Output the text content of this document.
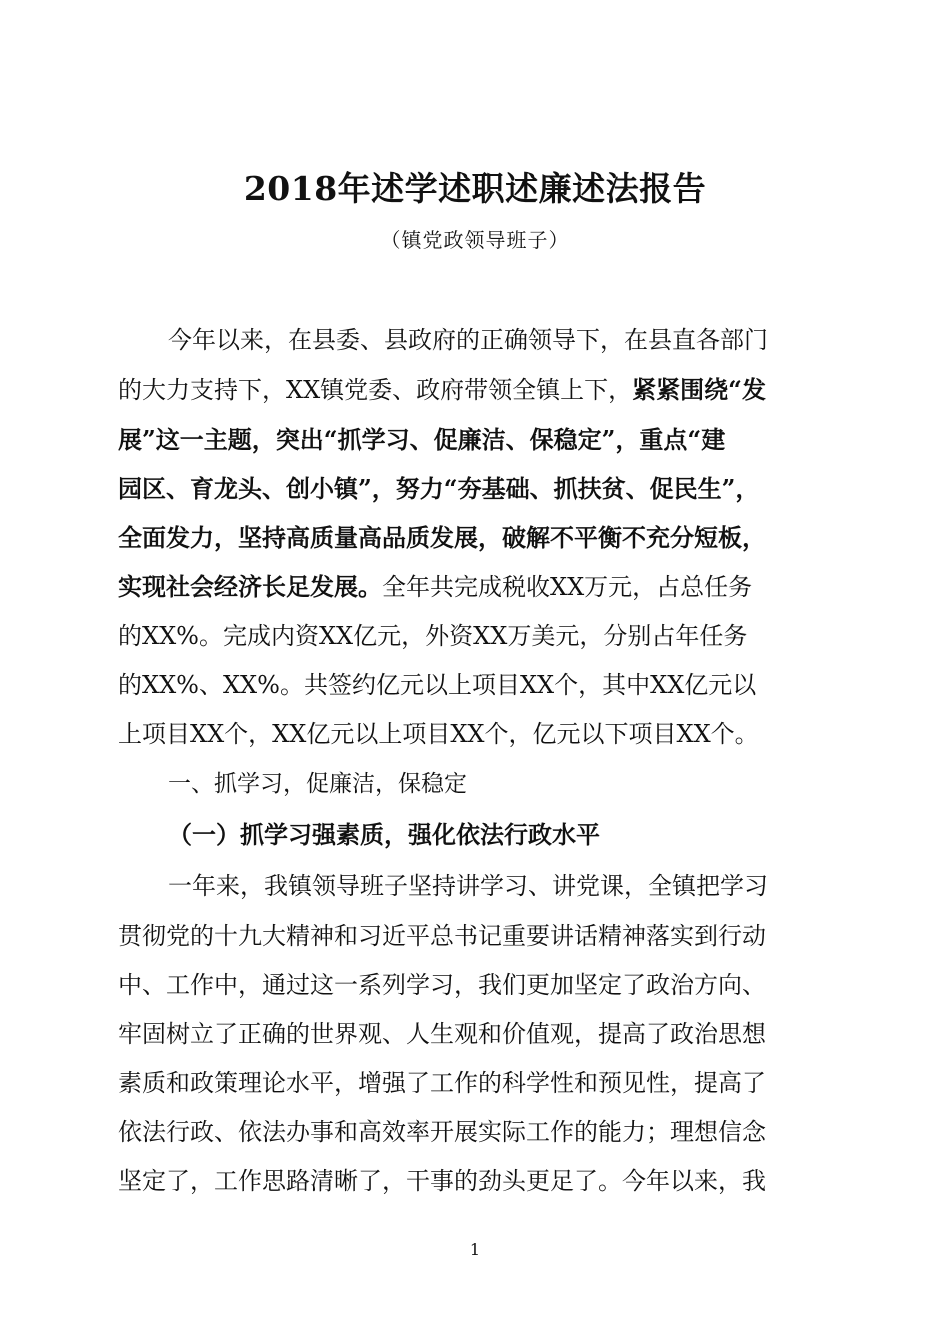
2018年述学述职述廉述法报告
（镇党政领导班子）
今年以来，在县委、县政府的正确领导下，在县直各部门
的大力支持下，XX镇党委、政府带领全镇上下，紧紧围绕“发
展”这一主题，突出“抓学习、促廉洁、保稳定”，重点“建
园区、育龙头、创小镇”，努力“夯基础、抓扶贫、促民生”，
全面发力，坚持高质量高品质发展，破解不平衡不充分短板，
实现社会经济长足发展。全年共完成税收XX万元，占总任务
的XX%。完成内资XX亿元，外资XX万美元，分别占年任务
的XX%、XX%。共签约亿元以上项目XX个，其中XX亿元以
上项目XX个，XX亿元以上项目XX个，亿元以下项目XX个。
一、抓学习，促廉洁，保稳定
（一）抓学习强素质，强化依法行政水平
一年来，我镇领导班子坚持讲学习、讲党课，全镇把学习
贯彻党的十九大精神和习近平总书记重要讲话精神落实到行动
中、工作中，通过这一系列学习，我们更加坚定了政治方向、
牢固树立了正确的世界观、人生观和价值观，提高了政治思想
素质和政策理论水平，增强了工作的科学性和预见性，提高了
依法行政、依法办事和高效率开展实际工作的能力；理想信念
坚定了，工作思路清晰了，干事的劲头更足了。今年以来，我
1
